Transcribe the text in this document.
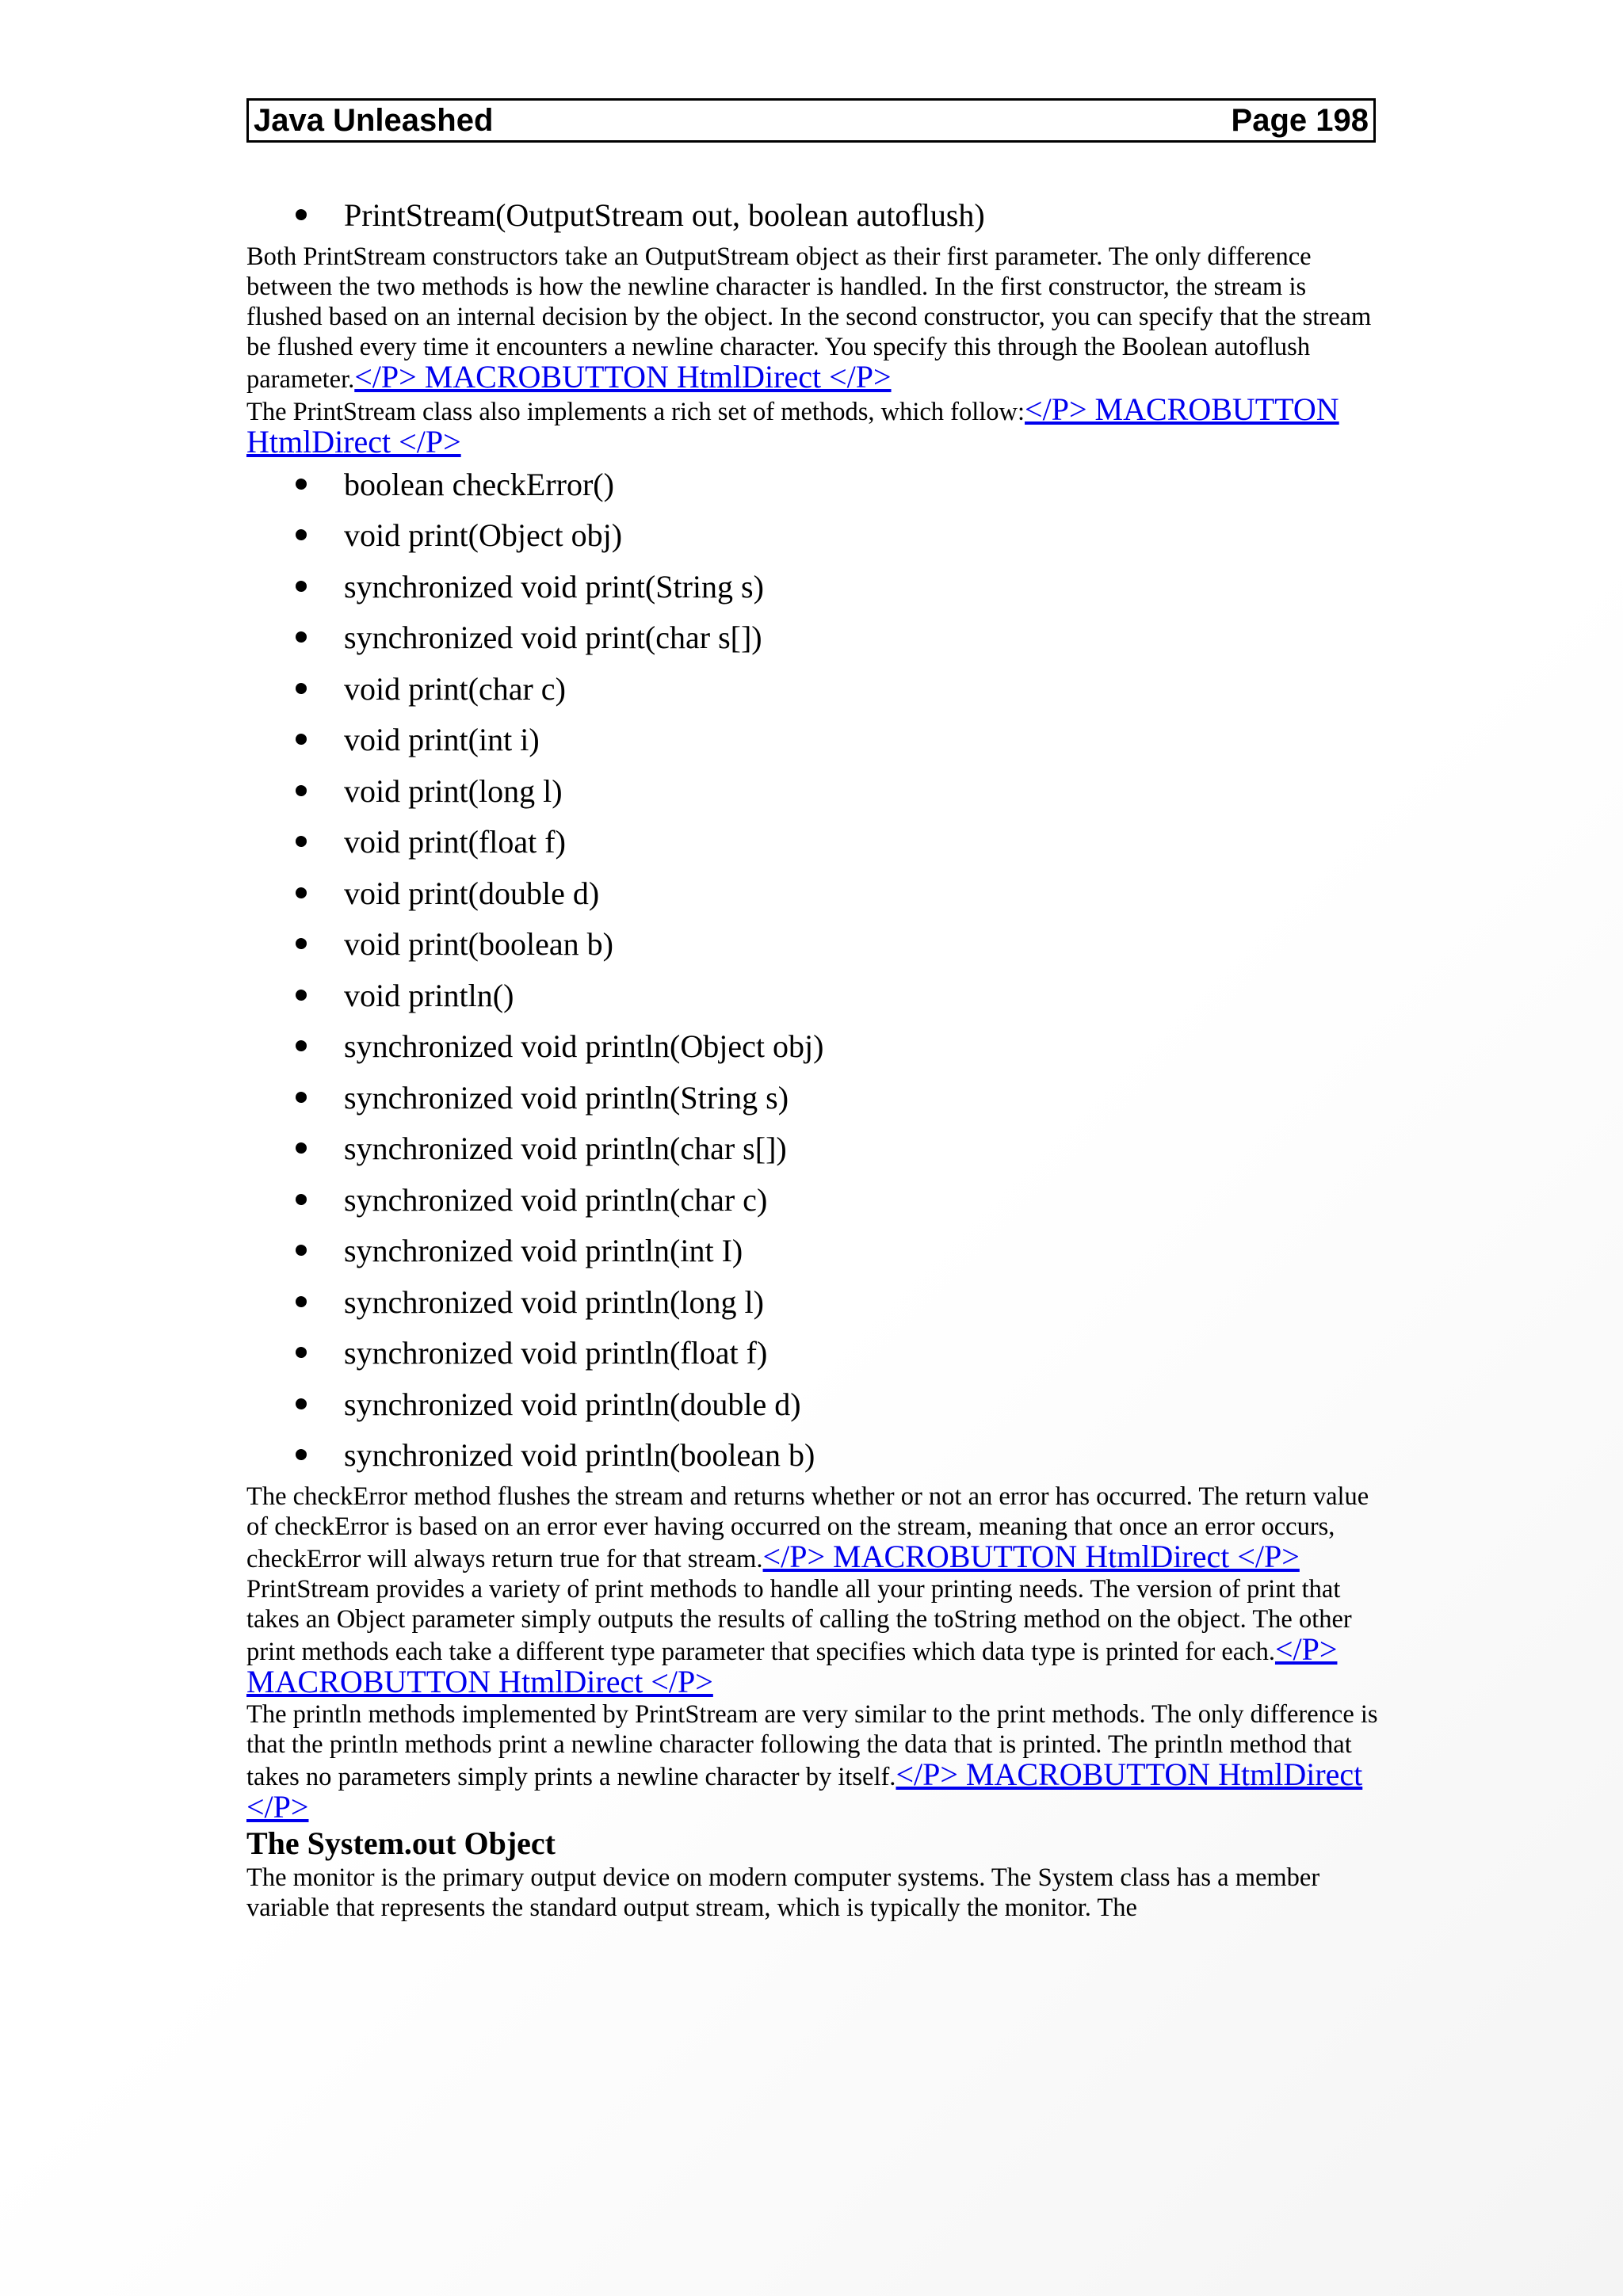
Java Unleashed	Page 198
PrintStream(OutputStream out, boolean autoflush)

Both PrintStream constructors take an OutputStream object as their first parameter. The only difference between the two methods is how the newline character is handled. In the first constructor, the stream is flushed based on an internal decision by the object. In the second constructor, you can specify that the stream be flushed every time it encounters a newline character. You specify this through the Boolean autoflush parameter.</P> MACROBUTTON HtmlDirect </P>

The PrintStream class also implements a rich set of methods, which follow:</P> MACROBUTTON HtmlDirect </P>

boolean checkError()
void print(Object obj)
synchronized void print(String s)
synchronized void print(char s[])
void print(char c)
void print(int i)
void print(long l)
void print(float f)
void print(double d)
void print(boolean b)
void println()
synchronized void println(Object obj)
synchronized void println(String s)
synchronized void println(char s[])
synchronized void println(char c)
synchronized void println(int I)
synchronized void println(long l)
synchronized void println(float f)
synchronized void println(double d)
synchronized void println(boolean b)

The checkError method flushes the stream and returns whether or not an error has occurred. The return value of checkError is based on an error ever having occurred on the stream, meaning that once an error occurs, checkError will always return true for that stream.</P> MACROBUTTON HtmlDirect </P>

PrintStream provides a variety of print methods to handle all your printing needs. The version of print that takes an Object parameter simply outputs the results of calling the toString method on the object. The other print methods each take a different type parameter that specifies which data type is printed for each.</P> MACROBUTTON HtmlDirect </P>

The println methods implemented by PrintStream are very similar to the print methods. The only difference is that the println methods print a newline character following the data that is printed. The println method that takes no parameters simply prints a newline character by itself.</P> MACROBUTTON HtmlDirect </P>

The System.out Object

The monitor is the primary output device on modern computer systems. The System class has a member variable that represents the standard output stream, which is typically the monitor. The
